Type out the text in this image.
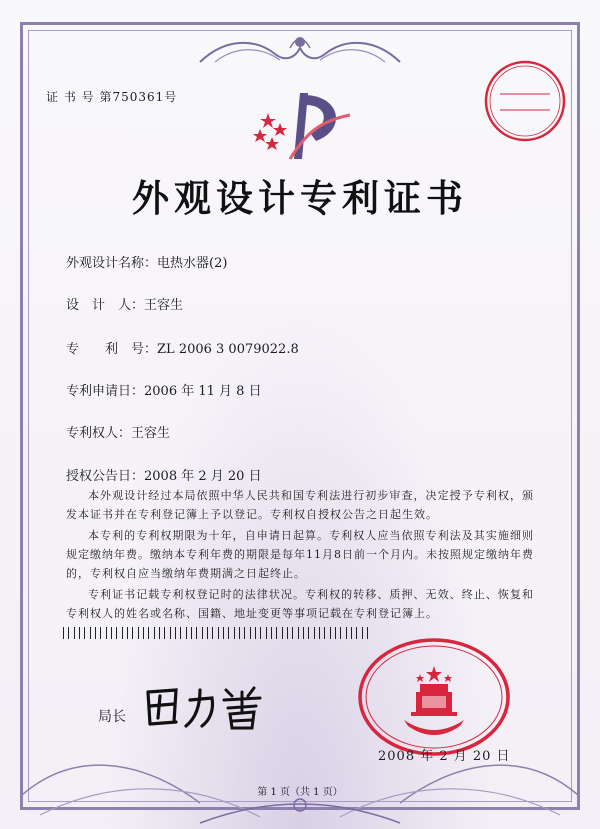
证 书 号 第750361号
外观设计专利证书
外观设计名称：电热水器(2)
设　计　人：王容生
专　　利　号：ZL 2006 3 0079022.8
专利申请日：2006 年 11 月 8 日
专利权人：王容生
授权公告日：2008 年 2 月 20 日

本外观设计经过本局依照中华人民共和国专利法进行初步审查，决定授予专利权，颁发本证书并在专利登记簿上予以登记。专利权自授权公告之日起生效。

本专利的专利权期限为十年，自申请日起算。专利权人应当依照专利法及其实施细则规定缴纳年费。缴纳本专利年费的期限是每年11月8日前一个月内。未按照规定缴纳年费的，专利权自应当缴纳年费期满之日起终止。

专利证书记载专利权登记时的法律状况。专利权的转移、质押、无效、终止、恢复和专利权人的姓名或名称、国籍、地址变更等事项记载在专利登记簿上。

局长
2008 年 2 月 20 日
第 1 页（共 1 页）
